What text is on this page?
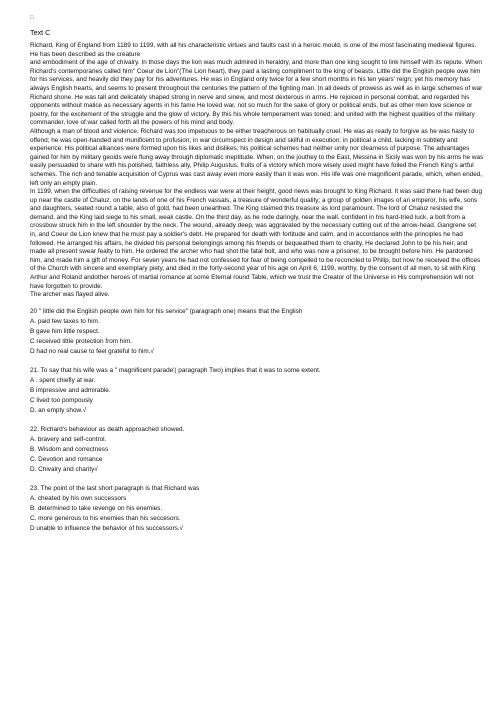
□
Text C

Richard, King of England from 1189 to 1199, with all his characteristic virtues and faults cast in a heroic mould, is one of the most fascinating medieval figures. He has been described as the creature

and embodiment of the age of chivalry. In those days the lion was much admired in heraldry, and more than one king sought to link himself with its repute. When Richard's contemporaries called him" Coeur de Lion"(The Lion heart), they paid a lasting compliment to the king of beasts. Little did the English people owe him for his services, and heavily did they pay for his adventures. He was in England only twice for a few short months in his ten years' reign; yet his memory has always English hearts, and seems to present throughout the centuries the pattern of the fighting man. In all deeds of prowess as well as in large schemes of war Richard shone. He was tall and delicately shaped strong in nerve and sinew, and most dexterous in arms. He rejoiced in personal combat, and regarded his opponents without malice as necessary agents in his fame He loved war, not so much for the sake of glory or political ends, but as other men love science or poetry, for the excitement of the struggle and the glow of victory. By this his whole temperament was toned; and united with the highest qualities of the military commander, love of war called forth all the powers of his mind and body.

Although a man of blood and violence, Richard was too impetuous to be either treacherous on habitually cruel. He was as ready to forgive as he was hasty to offend; he was open-handed and munificent to profusion; in war circumspect in design and skilful in execution; in political a child, lacking in subtlety and experience. His political alliances were formed upon his likes and dislikes; his political schemes had neither unity nor clearness of purpose. The advantages gained for him by military geoids were flung away through diplomatic ineptitude. When, on the jouthey to the East, Messina in Sicily was won by his arms he was easily persuaded to share with his polished, faithless ally, Philip Augustus, fruits of a victory which more wisely used might have foiled the French King's artful schemes. The rich and tenable acquisition of Cyprus was cast away even more easily than it was won. His life was one magnificent parade, which, when ended, left only an empty plain.

In 1199, when the difficulties of raising revenue for the endless war were at their height, good news was brought to King Richard. It was said there had been dug up near the castle of Chaluz, on the lands of one of his French vassals, a treasure of wonderful quality; a group of golden images of an emperor, his wife, sons and daughters, seated round a table, also of gold, had been unearthed. The King claimed this treasure as lord paramount. The lord of Chaluz resisted the demand, and the King laid siege to his small, weak castle. On the third day, as he rode daringly, near the wall. confident in his hard-tried luck, a bolt from a crossbow struck him in the left shoulder by the neck. The wound, already deep, was aggravated by the necessary cutting out of the arrow-head. Gangrene set in, and Coeur de Lion knew that he must pay a soldier's debt. He prepared for death with fortitude and calm, and in accordance with the principles he had followed. He arranged his affairs, he divided his personal belongings among his friends or bequeathed them to charity. He declared John to be his heir, and made all present swear fealty to him. He ordered the archer who had shot the fatal bolt, and who was now a prisoner, to be brought before him. He pardoned him, and made him a gift of money. For seven years he had not confessed for fear of being compelled to be reconciled to Philip, but now he received the offices of the Church with sincere and exemplary piety, and died in the forty-second year of his age on April 6, 1199, worthy, by the consent of all men, to sit with King Arthur and Roland andother heroes of martial romance at some Eternal round Table, which we trust the Creator of the Universe in His comprehension will not have forgotten to provide.

The archer was flayed alive.

20 " little did the English people own him for his service" (paragraph one) means that the English

A. paid few taxes to him.

B gave him little respect.

C received little protection from him.

D had no real cause to feel grateful to him.√

21. To say that his wife was a " magnificent parade'( paragraph Two) implies that it was to some extent.

A . spent chiefly at war.

B impressive and admirable.

C lived too pompously

D. an empty show.√

22. Richard's behaviour as death approached showed.

A. bravery and self-control.

B. Wisdom and correctness

C. Devotion and romance

D. Chivalry and charity√

23. The point of the last short paragraph is that Richard was

A. cheated by his own successors

B. determined to take revenge on his enemies.

C. more generous to his enemies than his seccesors.

D unable to influence the behavior of his successors.√
